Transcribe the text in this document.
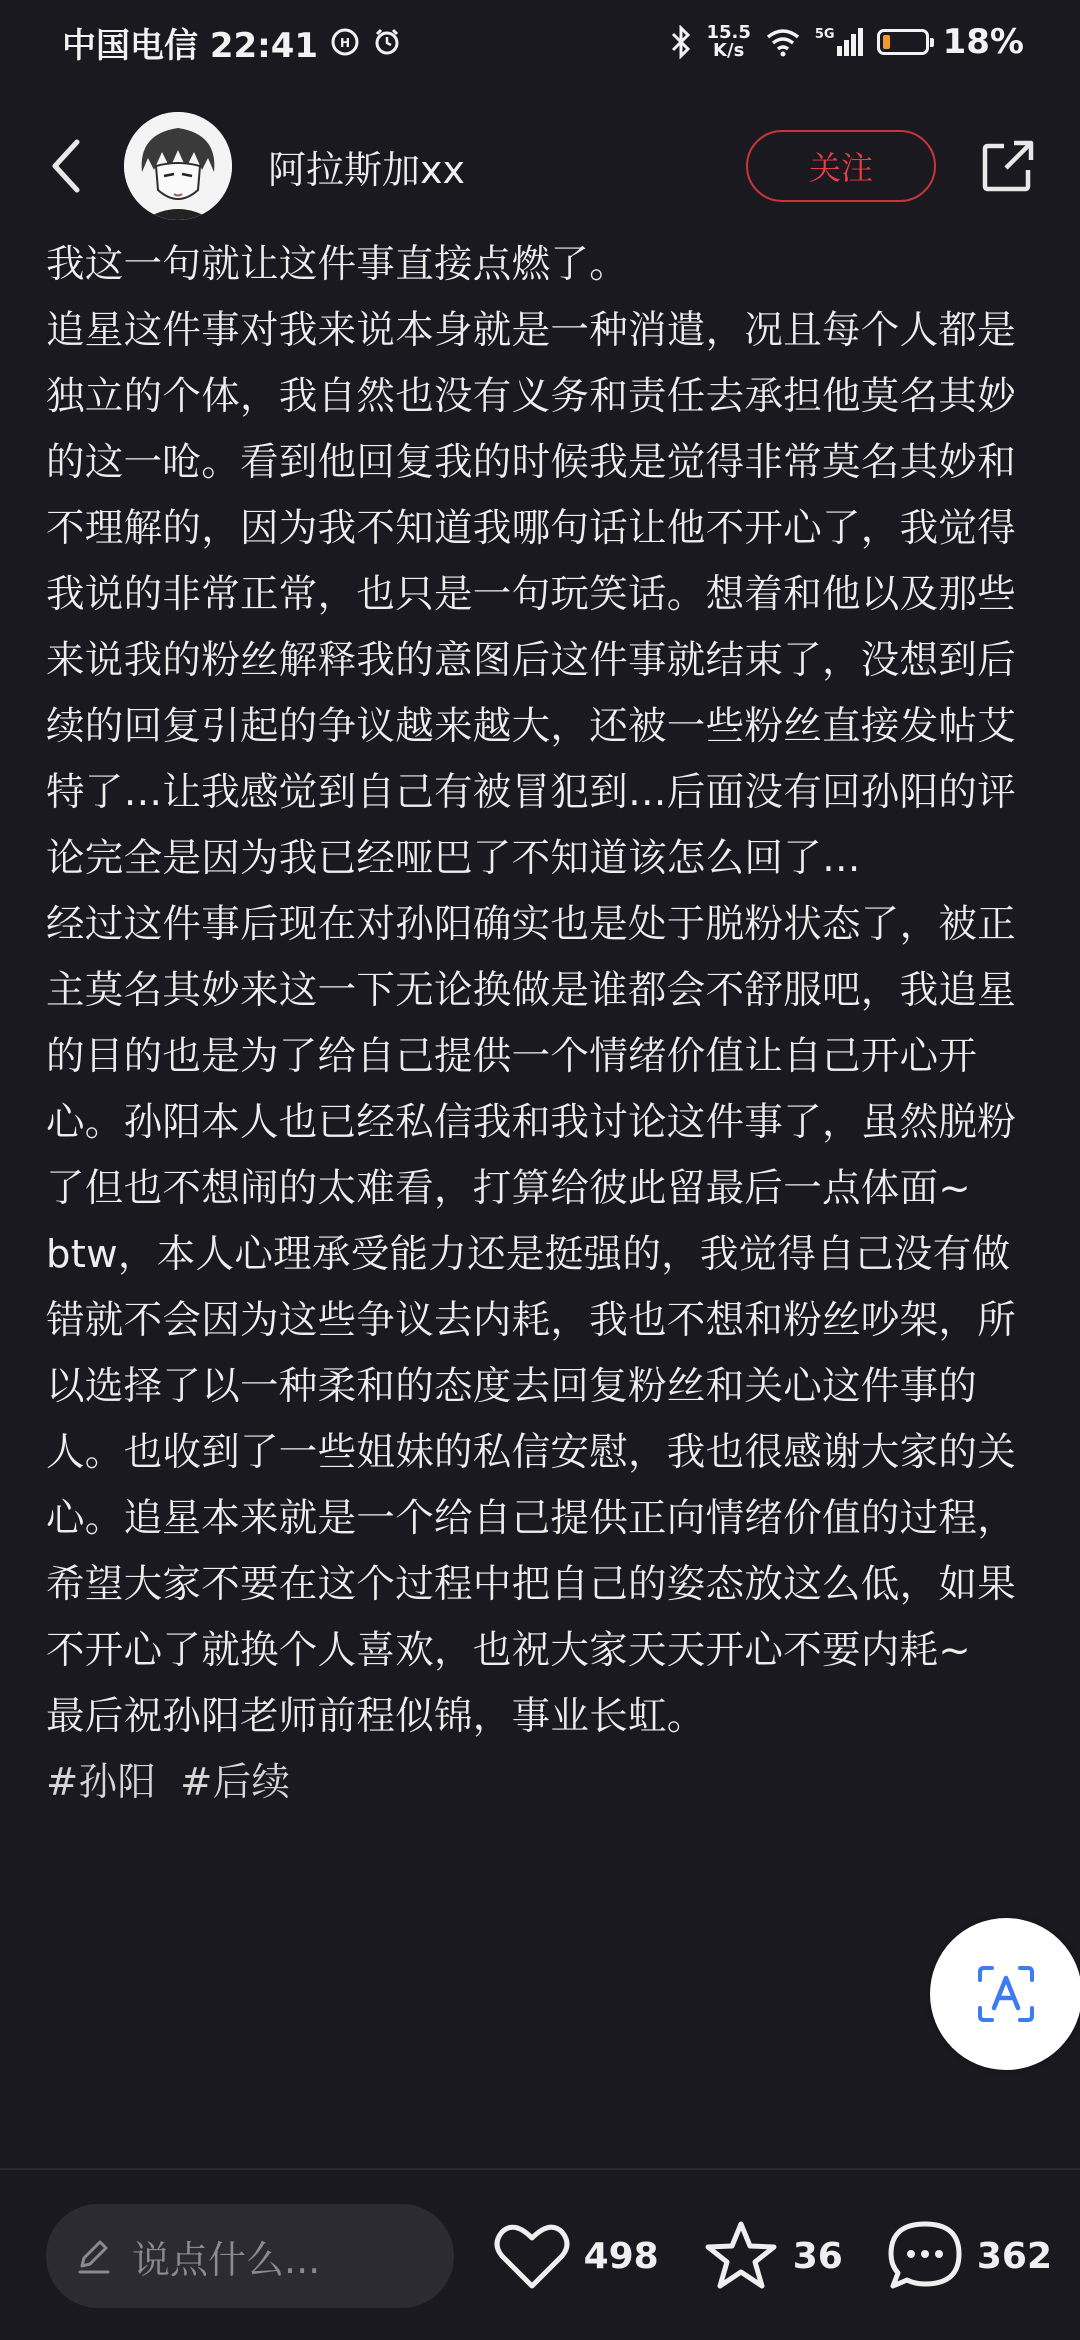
中国电信 22:41 H	15.5
K/s
5G	18%
阿拉斯加xx	关注

我这一句就让这件事直接点燃了。

追星这件事对我来说本身就是一种消遣，况且每个人都是独立的个体，我自然也没有义务和责任去承担他莫名其妙的这一呛。看到他回复我的时候我是觉得非常莫名其妙和不理解的，因为我不知道我哪句话让他不开心了，我觉得我说的非常正常，也只是一句玩笑话。想着和他以及那些来说我的粉丝解释我的意图后这件事就结束了，没想到后续的回复引起的争议越来越大，还被一些粉丝直接发帖艾特了…让我感觉到自己有被冒犯到…后面没有回孙阳的评论完全是因为我已经哑巴了不知道该怎么回了…

经过这件事后现在对孙阳确实也是处于脱粉状态了，被正主莫名其妙来这一下无论换做是谁都会不舒服吧，我追星的目的也是为了给自己提供一个情绪价值让自己开心开心。孙阳本人也已经私信我和我讨论这件事了，虽然脱粉了但也不想闹的太难看，打算给彼此留最后一点体面~

btw，本人心理承受能力还是挺强的，我觉得自己没有做错就不会因为这些争议去内耗，我也不想和粉丝吵架，所以选择了以一种柔和的态度去回复粉丝和关心这件事的人。也收到了一些姐妹的私信安慰，我也很感谢大家的关心。追星本来就是一个给自己提供正向情绪价值的过程，希望大家不要在这个过程中把自己的姿态放这么低，如果不开心了就换个人喜欢，也祝大家天天开心不要内耗~

最后祝孙阳老师前程似锦，事业长虹。

#孙阳 #后续
说点什么...	498	36	362
